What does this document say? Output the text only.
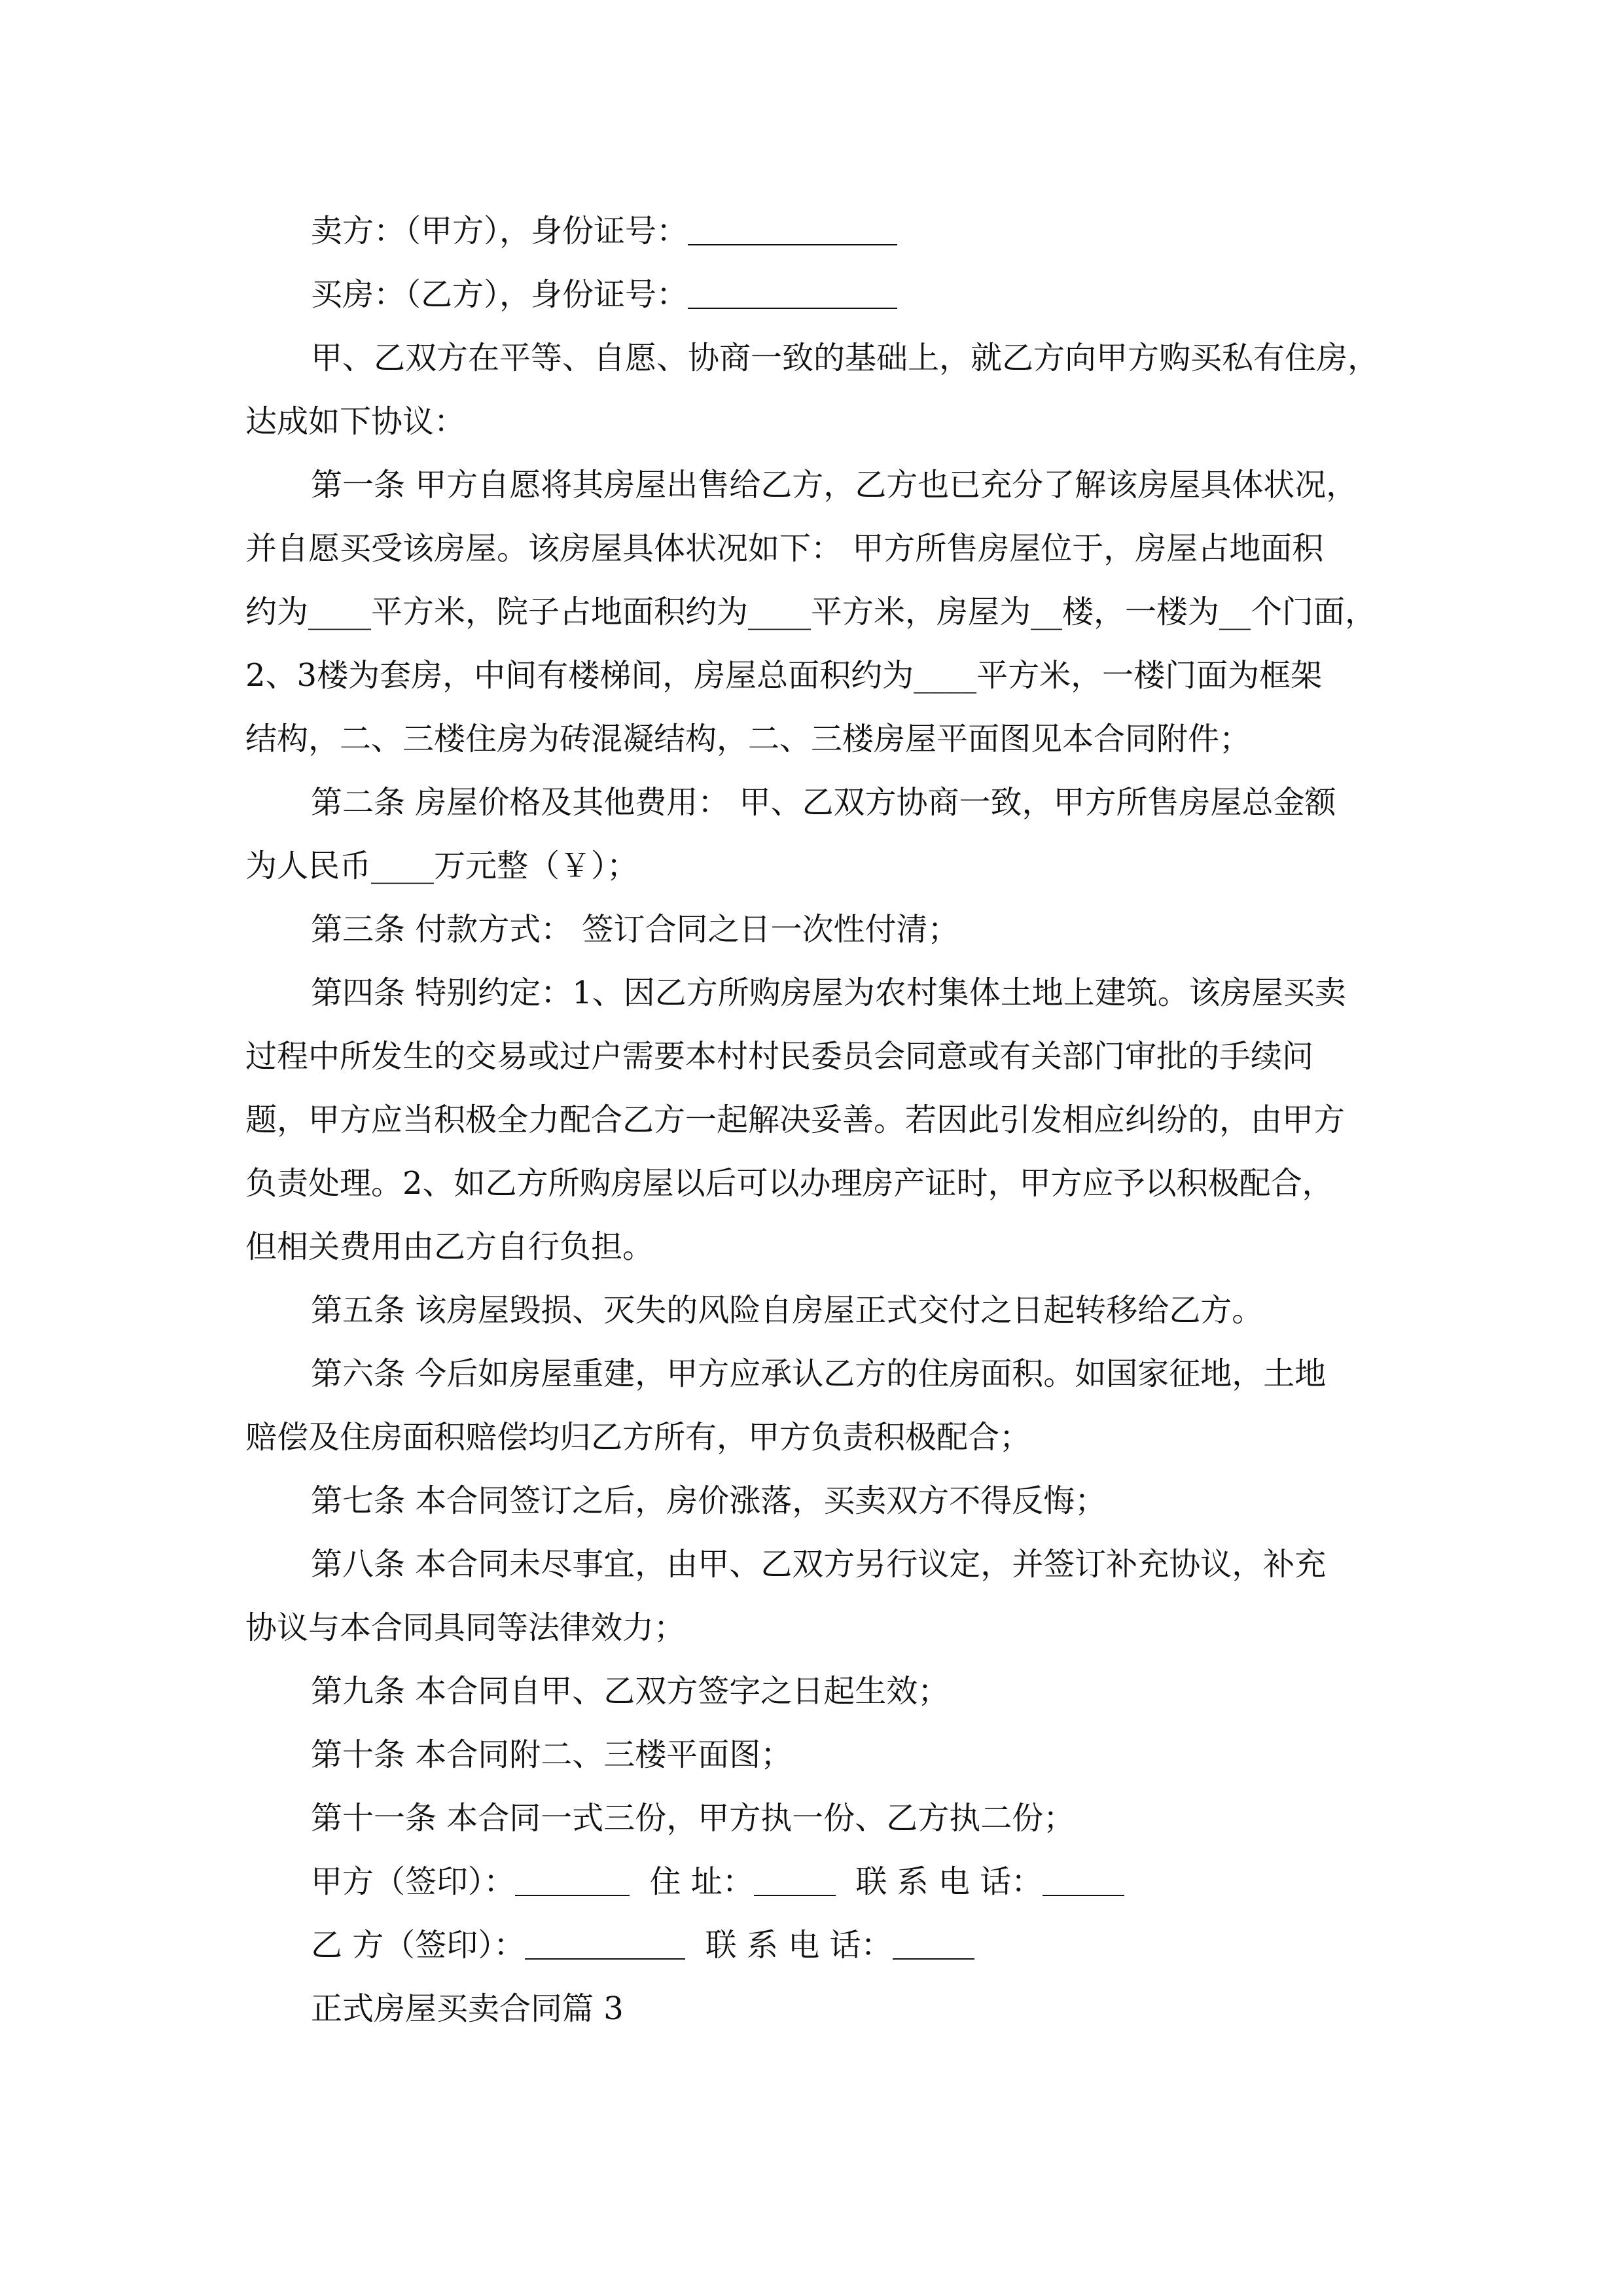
卖方：（甲方），身份证号：
买房：（乙方），身份证号：
甲、乙双方在平等、自愿、协商一致的基础上，就乙方向甲方购买私有住房，
达成如下协议：
第一条 甲方自愿将其房屋出售给乙方，乙方也已充分了解该房屋具体状况，
并自愿买受该房屋。该房屋具体状况如下： 甲方所售房屋位于，房屋占地面积
约为____平方米，院子占地面积约为____平方米，房屋为__楼，一楼为__个门面，
2、3楼为套房，中间有楼梯间，房屋总面积约为____平方米，一楼门面为框架
结构，二、三楼住房为砖混凝结构，二、三楼房屋平面图见本合同附件；
第二条 房屋价格及其他费用： 甲、乙双方协商一致，甲方所售房屋总金额
为人民币____万元整（￥）；
第三条 付款方式： 签订合同之日一次性付清；
第四条 特别约定：1、因乙方所购房屋为农村集体土地上建筑。该房屋买卖
过程中所发生的交易或过户需要本村村民委员会同意或有关部门审批的手续问
题，甲方应当积极全力配合乙方一起解决妥善。若因此引发相应纠纷的，由甲方
负责处理。2、如乙方所购房屋以后可以办理房产证时，甲方应予以积极配合，
但相关费用由乙方自行负担。
第五条 该房屋毁损、灭失的风险自房屋正式交付之日起转移给乙方。
第六条 今后如房屋重建，甲方应承认乙方的住房面积。如国家征地，土地
赔偿及住房面积赔偿均归乙方所有，甲方负责积极配合；
第七条 本合同签订之后，房价涨落，买卖双方不得反悔；
第八条 本合同未尽事宜，由甲、乙双方另行议定，并签订补充协议，补充
协议与本合同具同等法律效力；
第九条 本合同自甲、乙双方签字之日起生效；
第十条 本合同附二、三楼平面图；
第十一条 本合同一式三份，甲方执一份、乙方执二份；
甲方（签印）：	住 址：	联 系 电 话：
乙 方（签印）：	联 系 电 话：
正式房屋买卖合同篇 3
